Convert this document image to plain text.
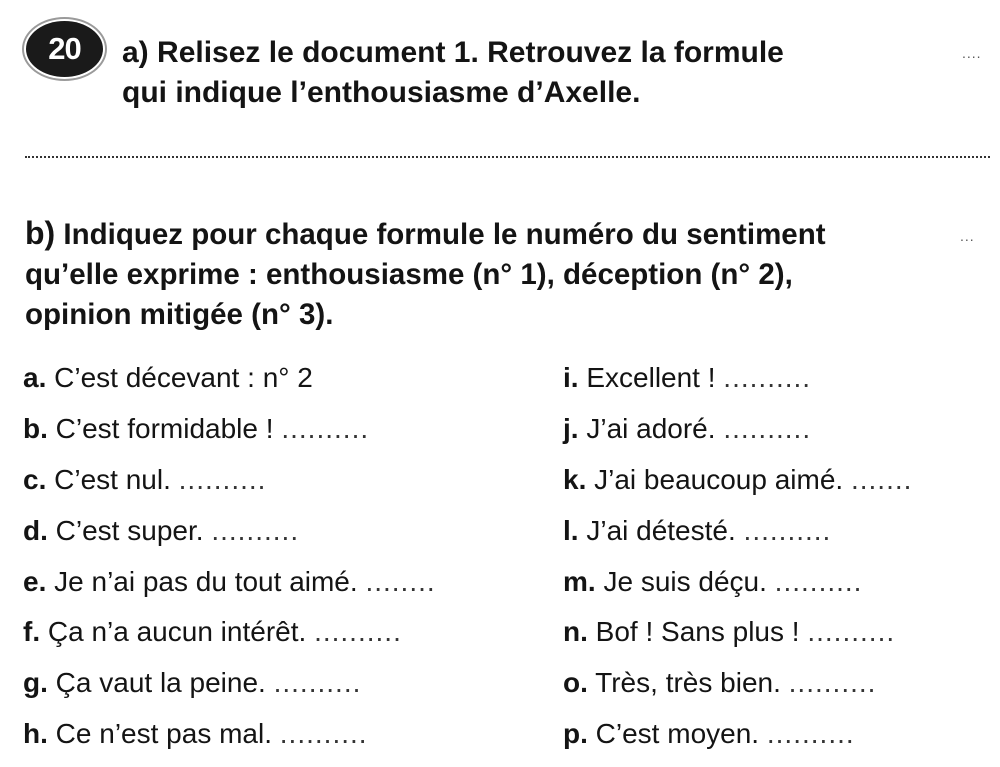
20	a) Relisez le document 1. Retrouvez la formule
qui indique l’enthousiasme d’Axelle.
....
b) Indiquez pour chaque formule le numéro du sentiment
qu’elle exprime : enthousiasme (n° 1), déception (n° 2),
opinion mitigée (n° 3).
...
a. C’est décevant : n° 2
b. C’est formidable ! ..........
c. C’est nul. ..........
d. C’est super. ..........
e. Je n’ai pas du tout aimé. ........
f. Ça n’a aucun intérêt. ..........
g. Ça vaut la peine. ..........
h. Ce n’est pas mal. ..........
i. Excellent ! ..........
j. J’ai adoré. ..........
k. J’ai beaucoup aimé. .......
l. J’ai détesté. ..........
m. Je suis déçu. ..........
n. Bof ! Sans plus ! ..........
o. Très, très bien. ..........
p. C’est moyen. ..........
